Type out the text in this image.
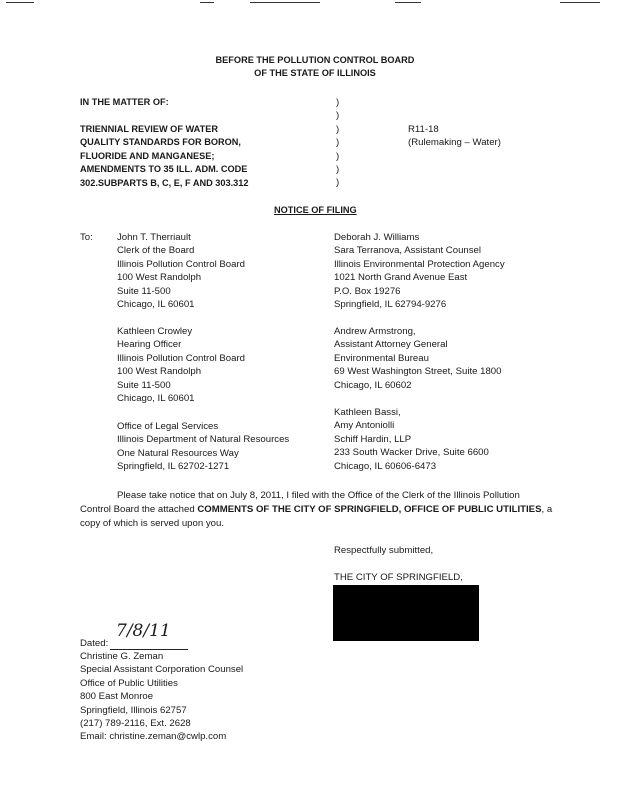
BEFORE THE POLLUTION CONTROL BOARD
OF THE STATE OF ILLINOIS
IN THE MATTER OF:
TRIENNIAL REVIEW OF WATER
QUALITY STANDARDS FOR BORON,
FLUORIDE AND MANGANESE;
AMENDMENTS TO 35 ILL. ADM. CODE
302.SUBPARTS B, C, E, F AND 303.312
)
)
)
)
)
)
)
R11-18
(Rulemaking – Water)
NOTICE OF FILING
To:	John T. Therriault
Clerk of the Board
Illinois Pollution Control Board
100 West Randolph
Suite 11-500
Chicago, IL 60601
Kathleen Crowley
Hearing Officer
Illinois Pollution Control Board
100 West Randolph
Suite 11-500
Chicago, IL 60601
Office of Legal Services
Illinois Department of Natural Resources
One Natural Resources Way
Springfield, IL 62702-1271
Deborah J. Williams
Sara Terranova, Assistant Counsel
Illinois Environmental Protection Agency
1021 North Grand Avenue East
P.O. Box 19276
Springfield, IL 62794-9276
Andrew Armstrong,
Assistant Attorney General
Environmental Bureau
69 West Washington Street, Suite 1800
Chicago, IL 60602
Kathleen Bassi,
Amy Antoniolli
Schiff Hardin, LLP
233 South Wacker Drive, Suite 6600
Chicago, IL 60606-6473
Please take notice that on July 8, 2011, I filed with the Office of the Clerk of the Illinois Pollution
Control Board the attached COMMENTS OF THE CITY OF SPRINGFIELD, OFFICE OF PUBLIC UTILITIES, a
copy of which is served upon you.
Respectfully submitted,
THE CITY OF SPRINGFIELD,
Dated:
7/8/11
Christine G. Zeman
Special Assistant Corporation Counsel
Office of Public Utilities
800 East Monroe
Springfield, Illinois 62757
(217) 789-2116, Ext. 2628
Email: christine.zeman@cwlp.com
